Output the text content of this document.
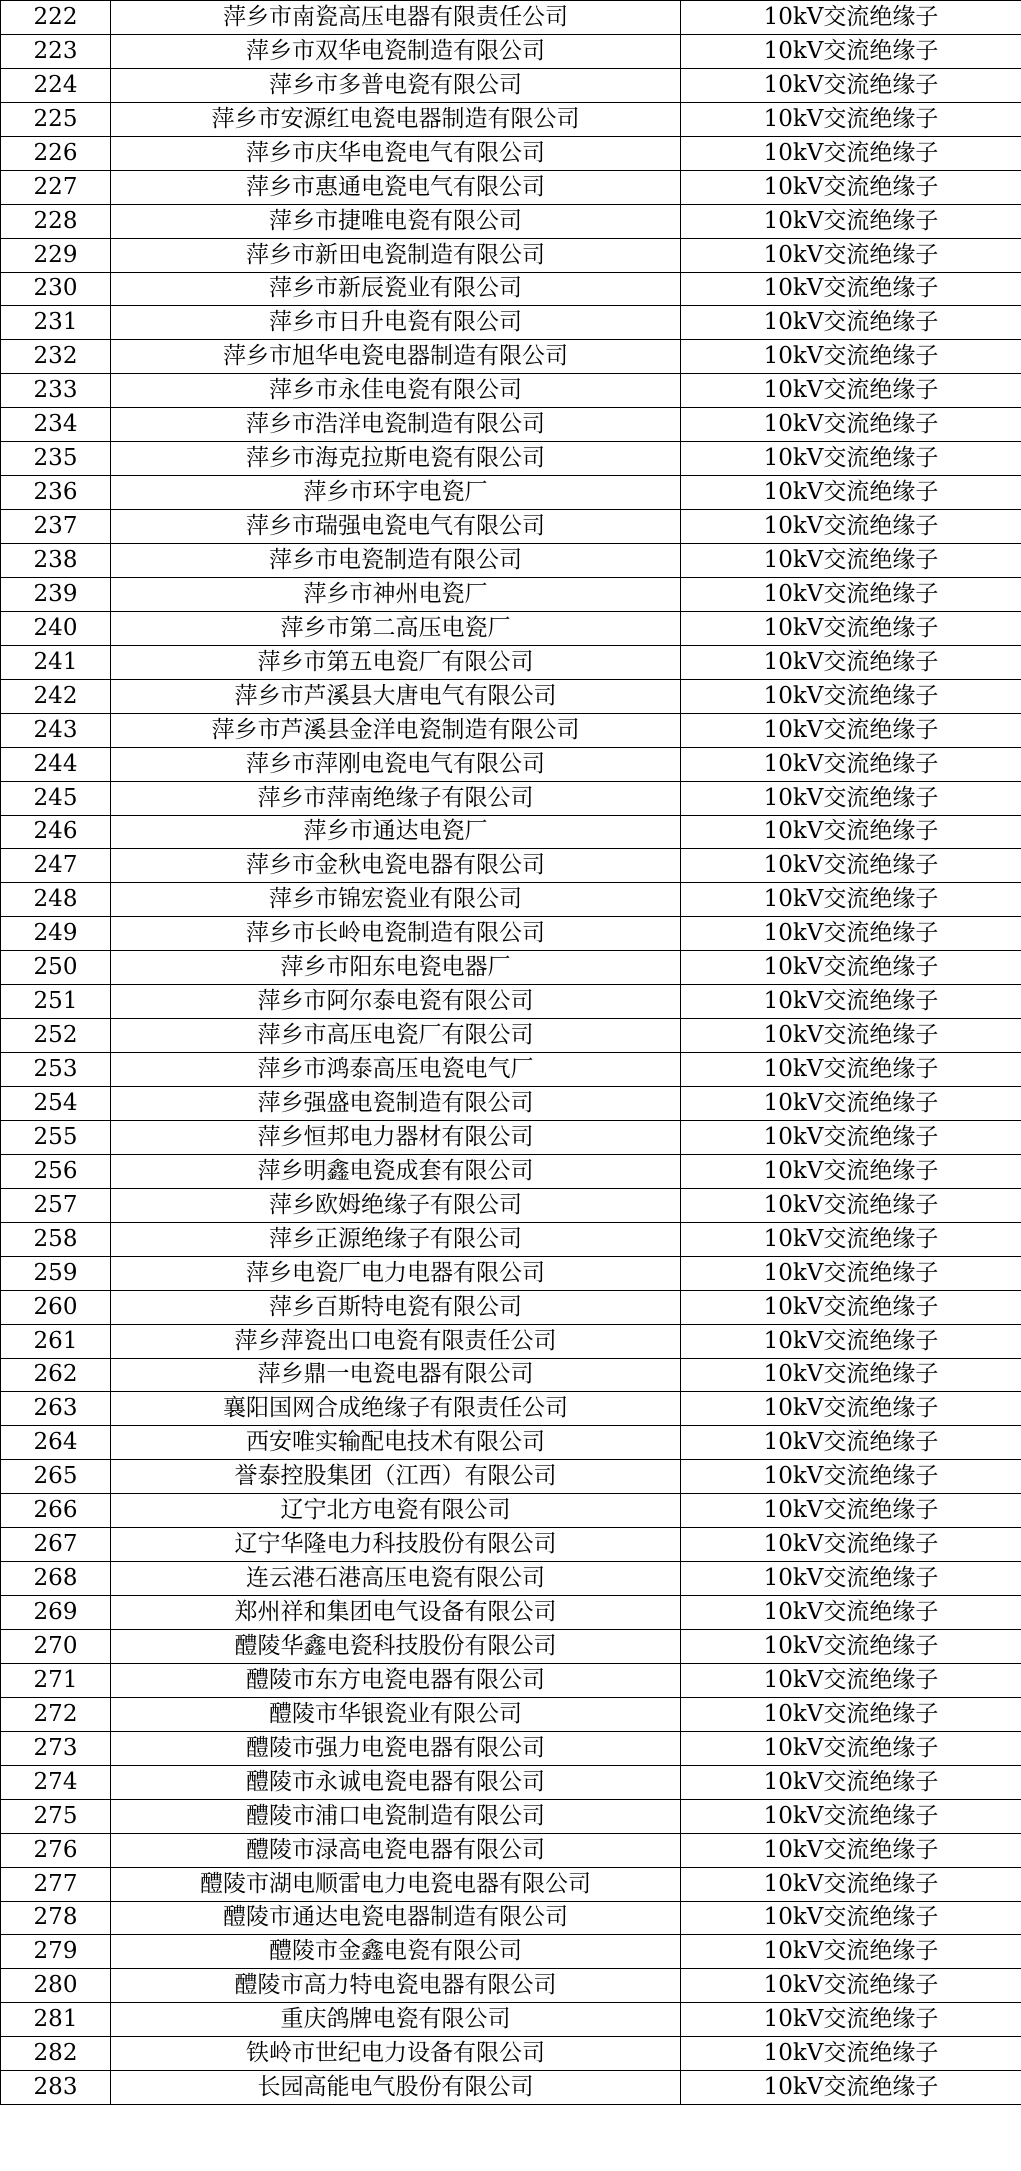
222	萍乡市南瓷高压电器有限责任公司	10kV交流绝缘子
223	萍乡市双华电瓷制造有限公司	10kV交流绝缘子
224	萍乡市多普电瓷有限公司	10kV交流绝缘子
225	萍乡市安源红电瓷电器制造有限公司	10kV交流绝缘子
226	萍乡市庆华电瓷电气有限公司	10kV交流绝缘子
227	萍乡市惠通电瓷电气有限公司	10kV交流绝缘子
228	萍乡市捷唯电瓷有限公司	10kV交流绝缘子
229	萍乡市新田电瓷制造有限公司	10kV交流绝缘子
230	萍乡市新辰瓷业有限公司	10kV交流绝缘子
231	萍乡市日升电瓷有限公司	10kV交流绝缘子
232	萍乡市旭华电瓷电器制造有限公司	10kV交流绝缘子
233	萍乡市永佳电瓷有限公司	10kV交流绝缘子
234	萍乡市浩洋电瓷制造有限公司	10kV交流绝缘子
235	萍乡市海克拉斯电瓷有限公司	10kV交流绝缘子
236	萍乡市环宇电瓷厂	10kV交流绝缘子
237	萍乡市瑞强电瓷电气有限公司	10kV交流绝缘子
238	萍乡市电瓷制造有限公司	10kV交流绝缘子
239	萍乡市神州电瓷厂	10kV交流绝缘子
240	萍乡市第二高压电瓷厂	10kV交流绝缘子
241	萍乡市第五电瓷厂有限公司	10kV交流绝缘子
242	萍乡市芦溪县大唐电气有限公司	10kV交流绝缘子
243	萍乡市芦溪县金洋电瓷制造有限公司	10kV交流绝缘子
244	萍乡市萍刚电瓷电气有限公司	10kV交流绝缘子
245	萍乡市萍南绝缘子有限公司	10kV交流绝缘子
246	萍乡市通达电瓷厂	10kV交流绝缘子
247	萍乡市金秋电瓷电器有限公司	10kV交流绝缘子
248	萍乡市锦宏瓷业有限公司	10kV交流绝缘子
249	萍乡市长岭电瓷制造有限公司	10kV交流绝缘子
250	萍乡市阳东电瓷电器厂	10kV交流绝缘子
251	萍乡市阿尔泰电瓷有限公司	10kV交流绝缘子
252	萍乡市高压电瓷厂有限公司	10kV交流绝缘子
253	萍乡市鸿泰高压电瓷电气厂	10kV交流绝缘子
254	萍乡强盛电瓷制造有限公司	10kV交流绝缘子
255	萍乡恒邦电力器材有限公司	10kV交流绝缘子
256	萍乡明鑫电瓷成套有限公司	10kV交流绝缘子
257	萍乡欧姆绝缘子有限公司	10kV交流绝缘子
258	萍乡正源绝缘子有限公司	10kV交流绝缘子
259	萍乡电瓷厂电力电器有限公司	10kV交流绝缘子
260	萍乡百斯特电瓷有限公司	10kV交流绝缘子
261	萍乡萍瓷出口电瓷有限责任公司	10kV交流绝缘子
262	萍乡鼎一电瓷电器有限公司	10kV交流绝缘子
263	襄阳国网合成绝缘子有限责任公司	10kV交流绝缘子
264	西安唯实输配电技术有限公司	10kV交流绝缘子
265	誉泰控股集团（江西）有限公司	10kV交流绝缘子
266	辽宁北方电瓷有限公司	10kV交流绝缘子
267	辽宁华隆电力科技股份有限公司	10kV交流绝缘子
268	连云港石港高压电瓷有限公司	10kV交流绝缘子
269	郑州祥和集团电气设备有限公司	10kV交流绝缘子
270	醴陵华鑫电瓷科技股份有限公司	10kV交流绝缘子
271	醴陵市东方电瓷电器有限公司	10kV交流绝缘子
272	醴陵市华银瓷业有限公司	10kV交流绝缘子
273	醴陵市强力电瓷电器有限公司	10kV交流绝缘子
274	醴陵市永诚电瓷电器有限公司	10kV交流绝缘子
275	醴陵市浦口电瓷制造有限公司	10kV交流绝缘子
276	醴陵市渌高电瓷电器有限公司	10kV交流绝缘子
277	醴陵市湖电顺雷电力电瓷电器有限公司	10kV交流绝缘子
278	醴陵市通达电瓷电器制造有限公司	10kV交流绝缘子
279	醴陵市金鑫电瓷有限公司	10kV交流绝缘子
280	醴陵市高力特电瓷电器有限公司	10kV交流绝缘子
281	重庆鸽牌电瓷有限公司	10kV交流绝缘子
282	铁岭市世纪电力设备有限公司	10kV交流绝缘子
283	长园高能电气股份有限公司	10kV交流绝缘子
